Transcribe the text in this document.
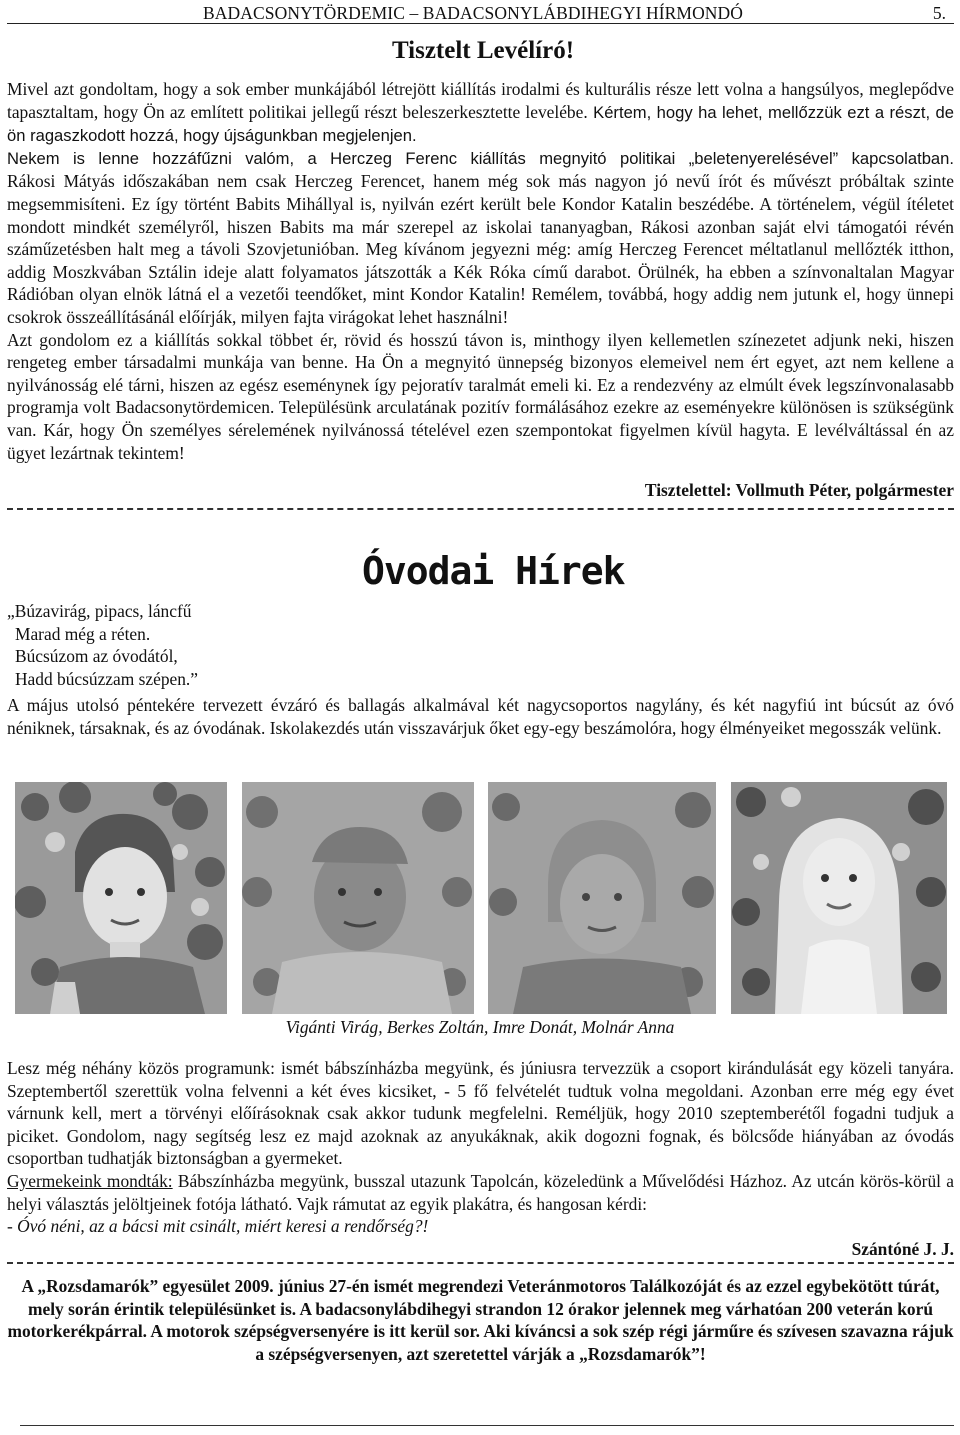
BADACSONYTÖRDEMIC – BADACSONYLÁBDIHEGYI HÍRMONDÓ	5.
Tisztelt Levélíró!

Mivel azt gondoltam, hogy a sok ember munkájából létrejött kiállítás irodalmi és kulturális része lett volna a hangsúlyos, meglepődve tapasztaltam, hogy Ön az említett politikai jellegű részt beleszerkesztette levelébe. Kértem, hogy ha lehet, mellőzzük ezt a részt, de ön ragaszkodott hozzá, hogy újságunkban megjelenjen.

Nekem is lenne hozzáfűzni valóm, a Herczeg Ferenc kiállítás megnyitó politikai „beletenyerelésével” kapcsolatban.

Rákosi Mátyás időszakában nem csak Herczeg Ferencet, hanem még sok más nagyon jó nevű írót és művészt próbáltak szinte megsemmisíteni. Ez így történt Babits Mihállyal is, nyilván ezért került bele Kondor Katalin beszédébe. A történelem, végül ítéletet mondott mindkét személyről, hiszen Babits ma már szerepel az iskolai tananyagban, Rákosi azonban saját elvi támogatói révén száműzetésben halt meg a távoli Szovjetunióban. Meg kívánom jegyezni még: amíg Herczeg Ferencet méltatlanul mellőzték itthon, addig Moszkvában Sztálin ideje alatt folyamatos játszották a Kék Róka című darabot. Örülnék, ha ebben a színvonaltalan Magyar Rádióban olyan elnök látná el a vezetői teendőket, mint Kondor Katalin! Remélem, továbbá, hogy addig nem jutunk el, hogy ünnepi csokrok összeállításánál előírják, milyen fajta virágokat lehet használni!

Azt gondolom ez a kiállítás sokkal többet ér, rövid és hosszú távon is, minthogy ilyen kellemetlen színezetet adjunk neki, hiszen rengeteg ember társadalmi munkája van benne. Ha Ön a megnyitó ünnepség bizonyos elemeivel nem ért egyet, azt nem kellene a nyilvánosság elé tárni, hiszen az egész eseménynek így pejoratív taralmát emeli ki. Ez a rendezvény az elmúlt évek legszínvonalasabb programja volt Badacsonytördemicen. Településünk arculatának pozitív formálásához ezekre az eseményekre különösen is szükségünk van. Kár, hogy Ön személyes sérelemének nyilvánossá tételével ezen szempontokat figyelmen kívül hagyta. E levélváltással én az ügyet lezártnak tekintem!

Tisztelettel: Vollmuth Péter, polgármester
Óvodai Hírek
„Búzavirág, pipacs, láncfű
Marad még a réten.
Búcsúzom az óvodától,
Hadd búcsúzzam szépen.”

A május utolsó péntekére tervezett évzáró és ballagás alkalmával két nagycsoportos nagylány, és két nagyfiú int búcsút az óvó néniknek, társaknak, és az óvodának. Iskolakezdés után visszavárjuk őket egy-egy beszámolóra, hogy élményeiket megosszák velünk.

Vigánti Virág, Berkes Zoltán, Imre Donát, Molnár Anna

Lesz még néhány közös programunk: ismét bábszínházba megyünk, és júniusra tervezzük a csoport kirándulását egy közeli tanyára. Szeptembertől szerettük volna felvenni a két éves kicsiket, - 5 fő felvételét tudtuk volna megoldani. Azonban erre még egy évet várnunk kell, mert a törvényi előírásoknak csak akkor tudunk megfelelni. Reméljük, hogy 2010 szeptemberétől fogadni tudjuk a piciket. Gondolom, nagy segítség lesz ez majd azoknak az anyukáknak, akik dogozni fognak, és bölcsőde hiányában az óvodás csoportban tudhatják biztonságban a gyermeket.

Gyermekeink mondták: Bábszínházba megyünk, busszal utazunk Tapolcán, közeledünk a Művelődési Házhoz. Az utcán körös-körül a helyi választás jelöltjeinek fotója látható. Vajk rámutat az egyik plakátra, és hangosan kérdi:

- Óvó néni, az a bácsi mit csinált, miért keresi a rendőrség?!

Szántóné J. J.
A „Rozsdamarók” egyesület 2009. június 27-én ismét megrendezi Veteránmotoros Találkozóját és az ezzel egybekötött túrát, mely során érintik településünket is. A badacsonylábdihegyi strandon 12 órakor jelennek meg várhatóan 200 veterán korú motorkerékpárral. A motorok szépségversenyére is itt kerül sor. Aki kíváncsi a sok szép régi járműre és szívesen szavazna rájuk a szépségversenyen, azt szeretettel várják a „Rozsdamarók”!
